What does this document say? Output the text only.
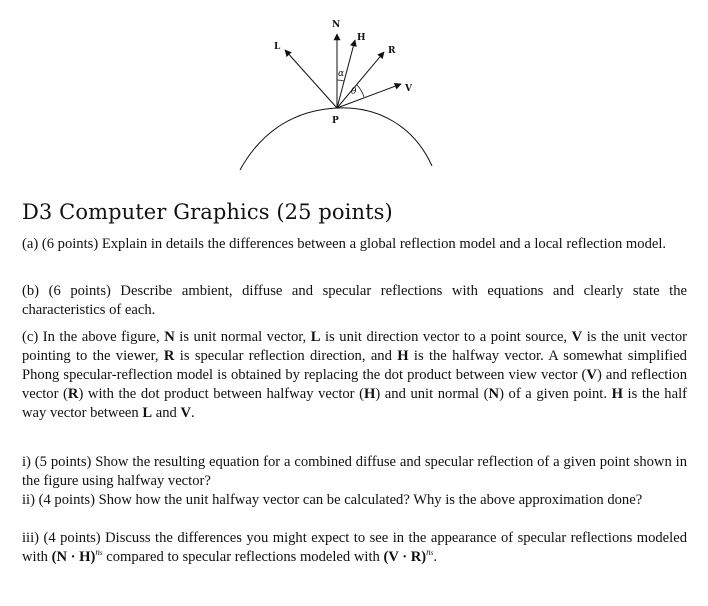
N
H
R
L
V
P
α
θ
D3 Computer Graphics (25 points)

(a) (6 points) Explain in details the differences between a global reflection model and a local reflection model.

(b) (6 points) Describe ambient, diffuse and specular reflections with equations and clearly state the characteristics of each.

(c) In the above figure, N is unit normal vector, L is unit direction vector to a point source, V is the unit vector pointing to the viewer, R is specular reflection direction, and H is the halfway vector. A somewhat simplified Phong specular-reflection model is obtained by replacing the dot product between view vector (V) and reflection vector (R) with the dot product between halfway vector (H) and unit normal (N) of a given point. H is the half way vector between L and V.

i) (5 points) Show the resulting equation for a combined diffuse and specular reflection of a given point shown in the figure using halfway vector?

ii) (4 points) Show how the unit halfway vector can be calculated? Why is the above approximation done?

iii) (4 points) Discuss the differences you might expect to see in the appearance of specular reflections modeled with $(N \cdot H)^{ns}$ compared to specular reflections modeled with $(V \cdot R)^{ns}$.
